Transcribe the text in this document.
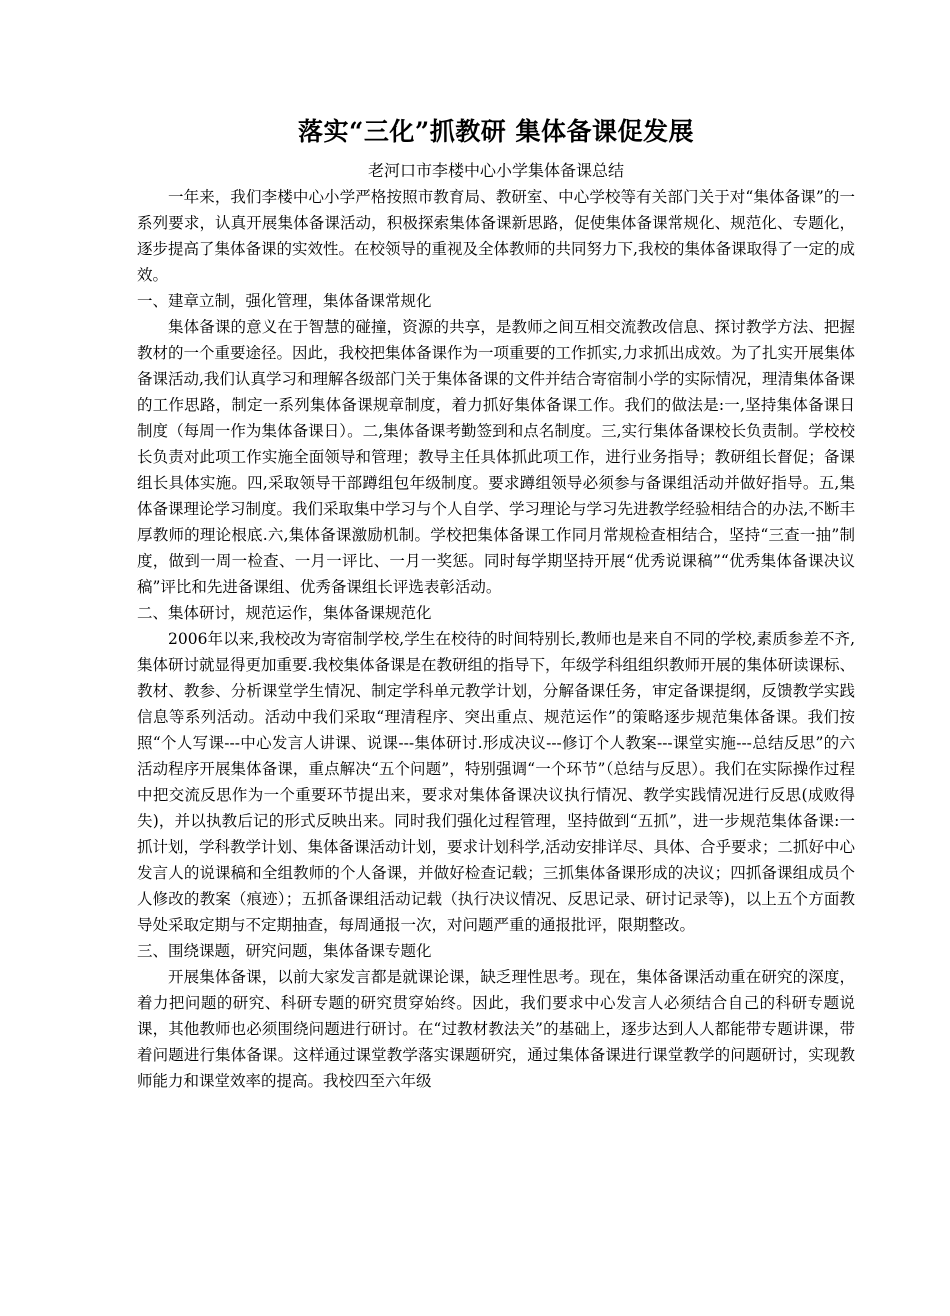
落实“三化”抓教研 集体备课促发展

老河口市李楼中心小学集体备课总结

一年来，我们李楼中心小学严格按照市教育局、教研室、中心学校等有关部门关于对“集体备课”的一系列要求，认真开展集体备课活动，积极探索集体备课新思路，促使集体备课常规化、规范化、专题化，逐步提高了集体备课的实效性。在校领导的重视及全体教师的共同努力下,我校的集体备课取得了一定的成效。

一、建章立制，强化管理，集体备课常规化

集体备课的意义在于智慧的碰撞，资源的共享，是教师之间互相交流教改信息、探讨教学方法、把握教材的一个重要途径。因此，我校把集体备课作为一项重要的工作抓实,力求抓出成效。为了扎实开展集体备课活动,我们认真学习和理解各级部门关于集体备课的文件并结合寄宿制小学的实际情况，理清集体备课的工作思路，制定一系列集体备课规章制度，着力抓好集体备课工作。我们的做法是:一,坚持集体备课日制度（每周一作为集体备课日）。二,集体备课考勤签到和点名制度。三,实行集体备课校长负责制。学校校长负责对此项工作实施全面领导和管理；教导主任具体抓此项工作，进行业务指导；教研组长督促；备课组长具体实施。四,采取领导干部蹲组包年级制度。要求蹲组领导必须参与备课组活动并做好指导。五,集体备课理论学习制度。我们采取集中学习与个人自学、学习理论与学习先进教学经验相结合的办法,不断丰厚教师的理论根底.六,集体备课激励机制。学校把集体备课工作同月常规检查相结合，坚持“三查一抽”制度，做到一周一检查、一月一评比、一月一奖惩。同时每学期坚持开展“优秀说课稿”“优秀集体备课决议稿”评比和先进备课组、优秀备课组长评选表彰活动。

二、集体研讨，规范运作，集体备课规范化

2006年以来,我校改为寄宿制学校,学生在校待的时间特别长,教师也是来自不同的学校,素质参差不齐,集体研讨就显得更加重要.我校集体备课是在教研组的指导下，年级学科组组织教师开展的集体研读课标、教材、教参、分析课堂学生情况、制定学科单元教学计划，分解备课任务，审定备课提纲，反馈教学实践信息等系列活动。活动中我们采取“理清程序、突出重点、规范运作”的策略逐步规范集体备课。我们按照“个人写课---中心发言人讲课、说课---集体研讨.形成决议---修订个人教案---课堂实施---总结反思”的六活动程序开展集体备课，重点解决“五个问题”，特别强调“一个环节”（总结与反思）。我们在实际操作过程中把交流反思作为一个重要环节提出来，要求对集体备课决议执行情况、教学实践情况进行反思(成败得失)，并以执教后记的形式反映出来。同时我们强化过程管理，坚持做到“五抓”，进一步规范集体备课:一抓计划，学科教学计划、集体备课活动计划，要求计划科学,活动安排详尽、具体、合乎要求；二抓好中心发言人的说课稿和全组教师的个人备课，并做好检查记载；三抓集体备课形成的决议；四抓备课组成员个人修改的教案（痕迹）；五抓备课组活动记载（执行决议情况、反思记录、研讨记录等)，以上五个方面教导处采取定期与不定期抽查，每周通报一次，对问题严重的通报批评，限期整改。

三、围绕课题，研究问题，集体备课专题化

开展集体备课，以前大家发言都是就课论课，缺乏理性思考。现在，集体备课活动重在研究的深度，着力把问题的研究、科研专题的研究贯穿始终。因此，我们要求中心发言人必须结合自己的科研专题说课，其他教师也必须围绕问题进行研讨。在“过教材教法关”的基础上，逐步达到人人都能带专题讲课，带着问题进行集体备课。这样通过课堂教学落实课题研究，通过集体备课进行课堂教学的问题研讨，实现教师能力和课堂效率的提高。我校四至六年级
